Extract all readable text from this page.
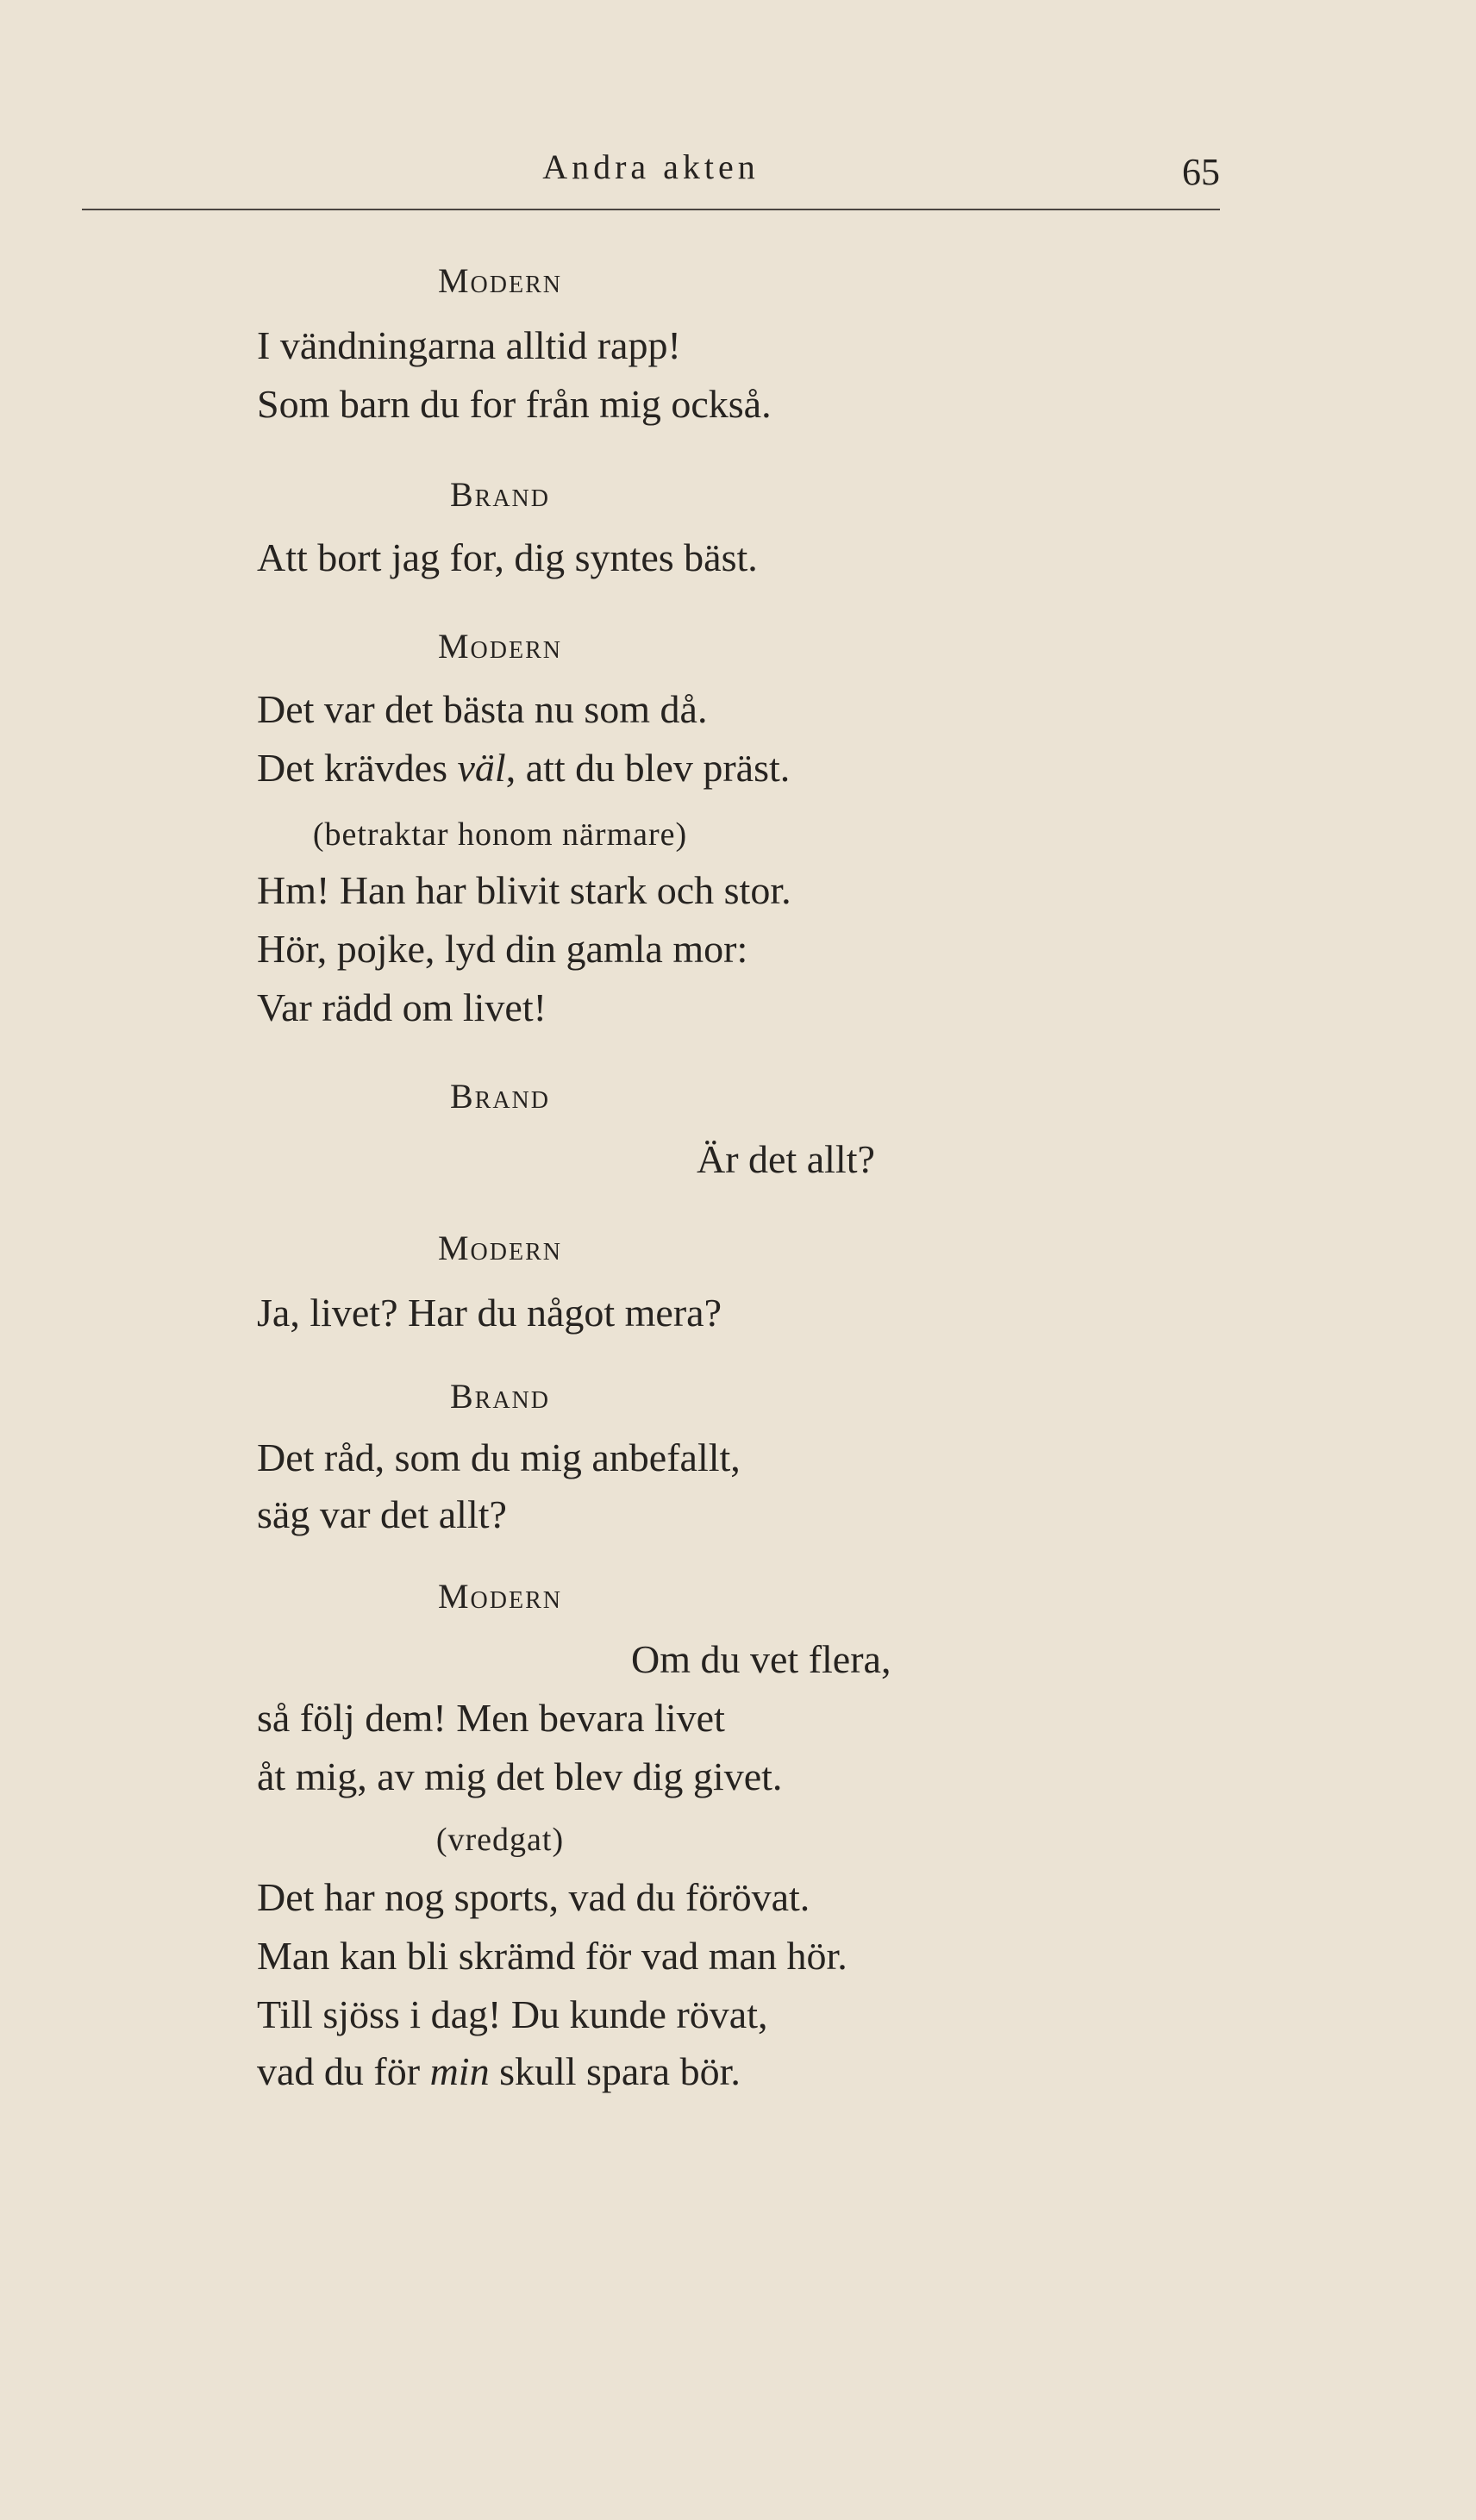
Andra akten	65
Modern
I vändningarna alltid rapp!
Som barn du for från mig också.
Brand
Att bort jag for, dig syntes bäst.
Modern
Det var det bästa nu som då.
Det krävdes väl, att du blev präst.
(betraktar honom närmare)
Hm! Han har blivit stark och stor.
Hör, pojke, lyd din gamla mor:
Var rädd om livet!
Brand
Är det allt?
Modern
Ja, livet? Har du något mera?
Brand
Det råd, som du mig anbefallt,
säg var det allt?
Modern
Om du vet flera,
så följ dem! Men bevara livet
åt mig, av mig det blev dig givet.
(vredgat)
Det har nog sports, vad du förövat.
Man kan bli skrämd för vad man hör.
Till sjöss i dag! Du kunde rövat,
vad du för min skull spara bör.
